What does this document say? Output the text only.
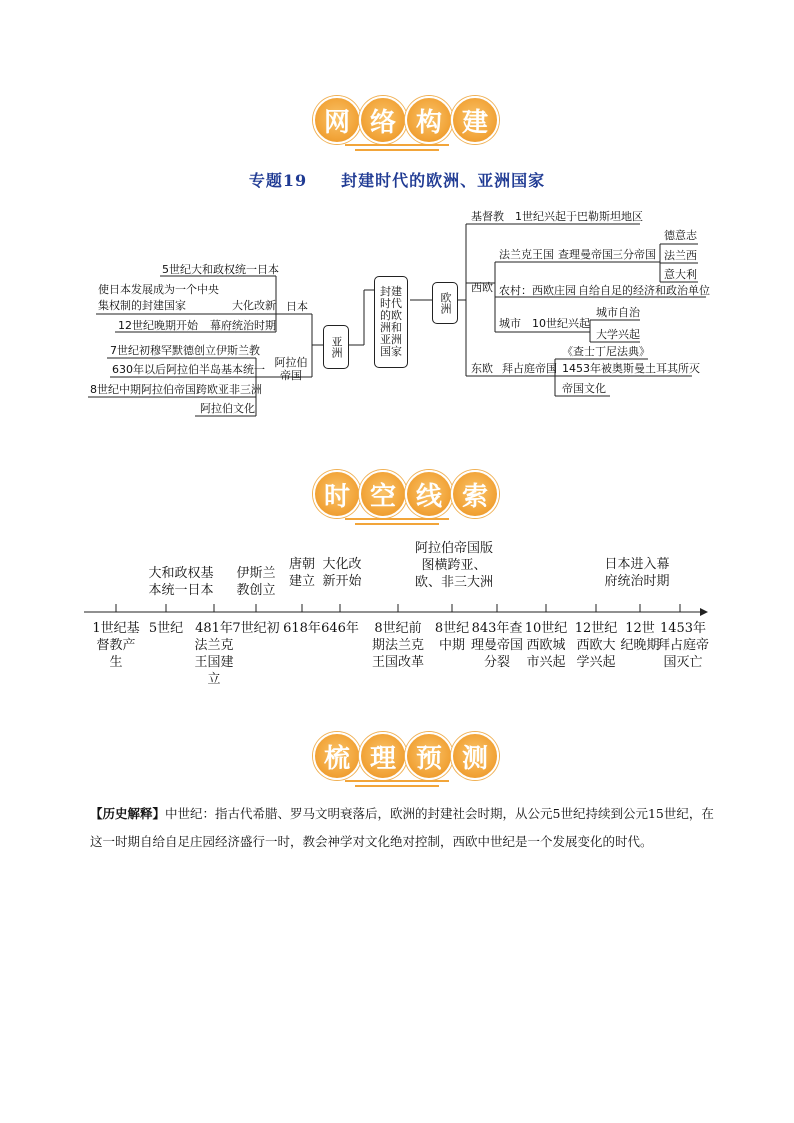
网 络 构 建
专题19　　封建时代的欧洲、亚洲国家
5世纪大和政权统一日本
使日本发展成为一个中央
集权制的封建国家	大化改新
12世纪晚期开始 幕府统治时期
日本
7世纪初穆罕默德创立伊斯兰教
630年以后阿拉伯半岛基本统一
8世纪中期阿拉伯帝国跨欧亚非三洲
阿拉伯文化
阿拉伯帝国
亚洲
封建时代的欧洲和亚洲国家
欧洲
基督教 1世纪兴起于巴勒斯坦地区
西欧
法兰克王国 查理曼帝国 三分帝国
德意志
法兰西
意大利
农村：西欧庄园 自给自足的经济和政治单位
城市 10世纪兴起
城市自治
大学兴起
东欧 拜占庭帝国
《查士丁尼法典》
1453年被奥斯曼土耳其所灭
帝国文化
时 空 线 索
大和政权基本统一日本
伊斯兰教创立
唐朝建立
大化改新开始
阿拉伯帝国版图横跨亚、欧、非三大洲
日本进入幕府统治时期
1世纪基督教产生
5世纪 481年法兰克王国建立
7世纪初 618年 646年	8世纪前期法兰克王国改革
8世纪中期
843年查理曼帝国分裂
10世纪西欧城市兴起
12世纪西欧大学兴起
12世纪晚期
1453年拜占庭帝国灭亡
梳 理 预 测
【历史解释】中世纪：指古代希腊、罗马文明衰落后，欧洲的封建社会时期，从公元5世纪持续到公元15世纪，在这一时期自给自足庄园经济盛行一时，教会神学对文化绝对控制，西欧中世纪是一个发展变化的时代。
